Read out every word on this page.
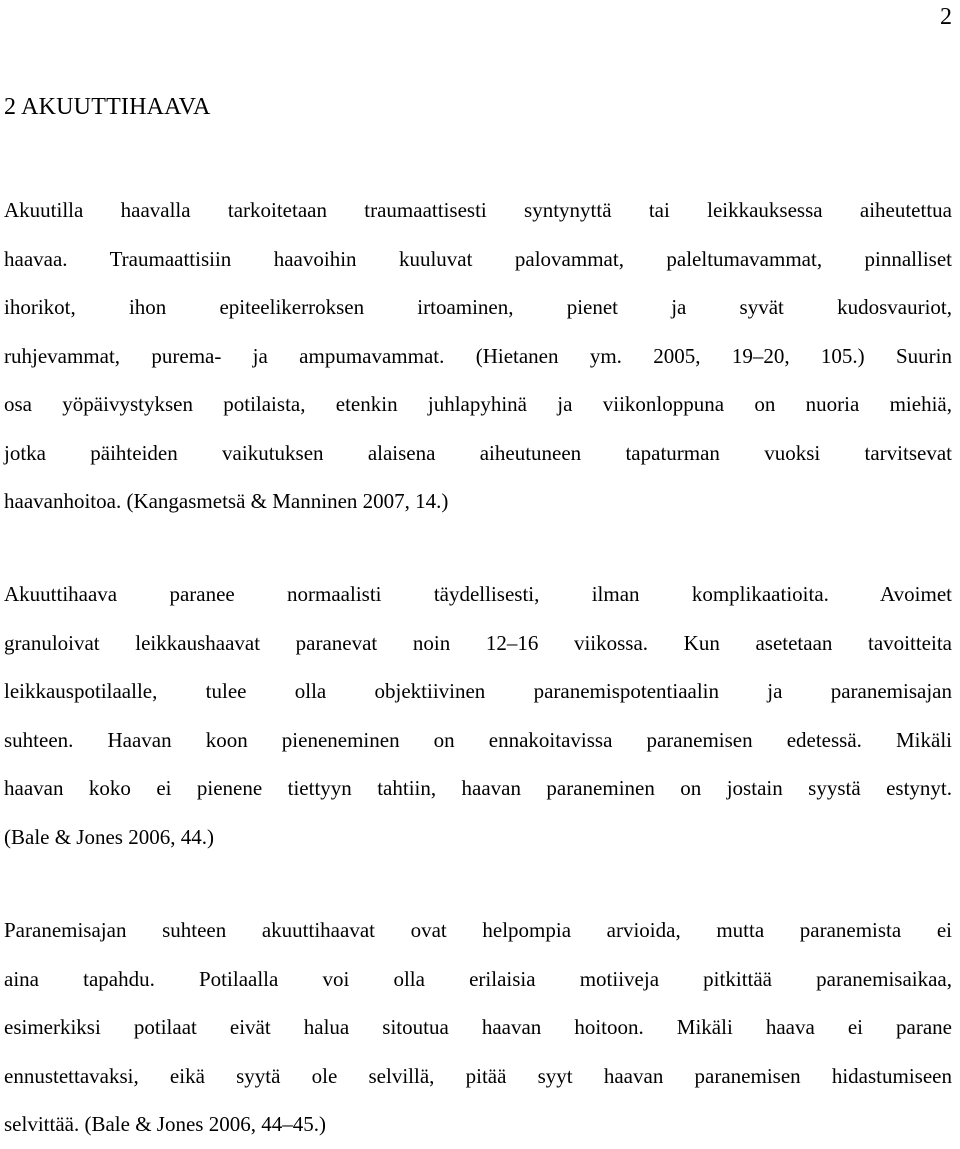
2
2 AKUUTTIHAAVA
Akuutilla haavalla tarkoitetaan traumaattisesti syntynyttä tai leikkauksessa aiheutettua
haavaa. Traumaattisiin haavoihin kuuluvat palovammat, paleltumavammat, pinnalliset
ihorikot, ihon epiteelikerroksen irtoaminen, pienet ja syvät kudosvauriot,
ruhjevammat, purema- ja ampumavammat. (Hietanen ym. 2005, 19–20, 105.) Suurin
osa yöpäivystyksen potilaista, etenkin juhlapyhinä ja viikonloppuna on nuoria miehiä,
jotka päihteiden vaikutuksen alaisena aiheutuneen tapaturman vuoksi tarvitsevat
haavanhoitoa. (Kangasmetsä & Manninen 2007, 14.)
Akuuttihaava paranee normaalisti täydellisesti, ilman komplikaatioita. Avoimet
granuloivat leikkaushaavat paranevat noin 12–16 viikossa. Kun asetetaan tavoitteita
leikkauspotilaalle, tulee olla objektiivinen paranemispotentiaalin ja paranemisajan
suhteen. Haavan koon pieneneminen on ennakoitavissa paranemisen edetessä. Mikäli
haavan koko ei pienene tiettyyn tahtiin, haavan paraneminen on jostain syystä estynyt.
(Bale & Jones 2006, 44.)
Paranemisajan suhteen akuuttihaavat ovat helpompia arvioida, mutta paranemista ei
aina tapahdu. Potilaalla voi olla erilaisia motiiveja pitkittää paranemisaikaa,
esimerkiksi potilaat eivät halua sitoutua haavan hoitoon. Mikäli haava ei parane
ennustettavaksi, eikä syytä ole selvillä, pitää syyt haavan paranemisen hidastumiseen
selvittää. (Bale & Jones 2006, 44–45.)
